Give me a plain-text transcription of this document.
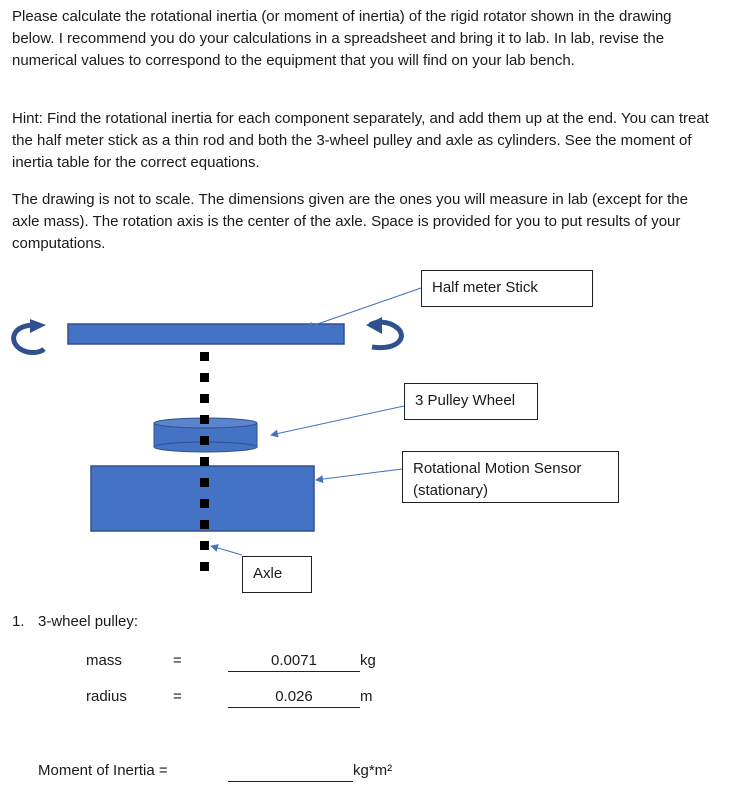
Please calculate the rotational inertia (or moment of inertia) of the rigid rotator shown in the drawing below. I recommend you do your calculations in a spreadsheet and bring it to lab. In lab, revise the numerical values to correspond to the equipment that you will find on your lab bench.

Hint: Find the rotational inertia for each component separately, and add them up at the end. You can treat the half meter stick as a thin rod and both the 3-wheel pulley and axle as cylinders. See the moment of inertia table for the correct equations.

The drawing is not to scale. The dimensions given are the ones you will measure in lab (except for the axle mass). The rotation axis is the center of the axle. Space is provided for you to put results of your computations.

Half meter Stick
3 Pulley Wheel
Rotational Motion Sensor (stationary)
Axle
1. 3-wheel pulley:
mass	=	0.0071	kg
radius	=	0.026	m
Moment of Inertia =	kg*m²
